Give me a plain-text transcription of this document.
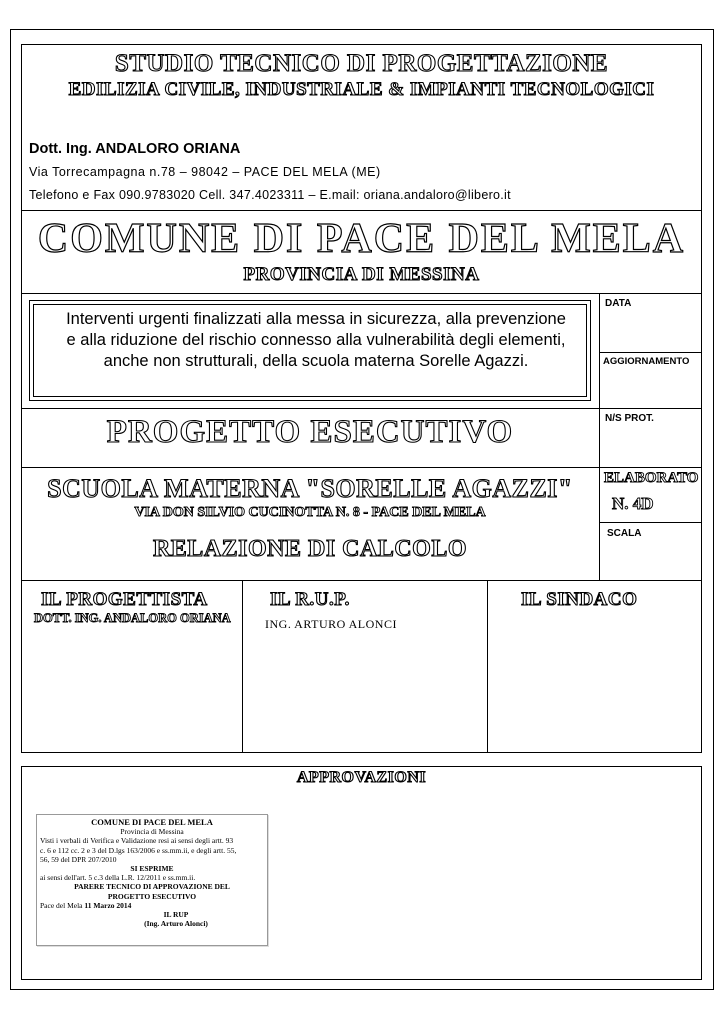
STUDIO TECNICO DI PROGETTAZIONE
EDILIZIA CIVILE, INDUSTRIALE & IMPIANTI TECNOLOGICI
Dott. Ing. ANDALORO ORIANA
Via Torrecampagna n.78 – 98042 – PACE DEL MELA (ME)
Telefono e Fax 090.9783020 Cell. 347.4023311 – E.mail: oriana.andaloro@libero.it
COMUNE DI PACE DEL MELA
PROVINCIA DI MESSINA
Interventi urgenti finalizzati alla messa in sicurezza, alla prevenzione e alla riduzione del rischio connesso alla vulnerabilità degli elementi, anche non strutturali, della scuola materna Sorelle Agazzi.
DATA
AGGIORNAMENTO
N/S PROT.
ELABORATO
N. 4D
SCALA
PROGETTO ESECUTIVO
SCUOLA MATERNA "SORELLE AGAZZI"
VIA DON SILVIO CUCINOTTA N. 8 - PACE DEL MELA
RELAZIONE DI CALCOLO
IL PROGETTISTA
DOTT. ING. ANDALORO ORIANA
IL R.U.P.
ING. ARTURO ALONCI
IL SINDACO
APPROVAZIONI
COMUNE DI PACE DEL MELA
Provincia di Messina
Visti i verbali di Verifica e Validazione resi ai sensi degli artt. 93
c. 6 e 112 cc. 2 e 3 del D.lgs 163/2006 e ss.mm.ii, e degli artt. 55,
56, 59 del DPR 207/2010
SI ESPRIME
ai sensi dell'art. 5 c.3 della L.R. 12/2011 e ss.mm.ii.
PARERE TECNICO DI APPROVAZIONE DEL
PROGETTO ESECUTIVO
Pace del Mela 11 Marzo 2014
IL RUP
(Ing. Arturo Alonci)
